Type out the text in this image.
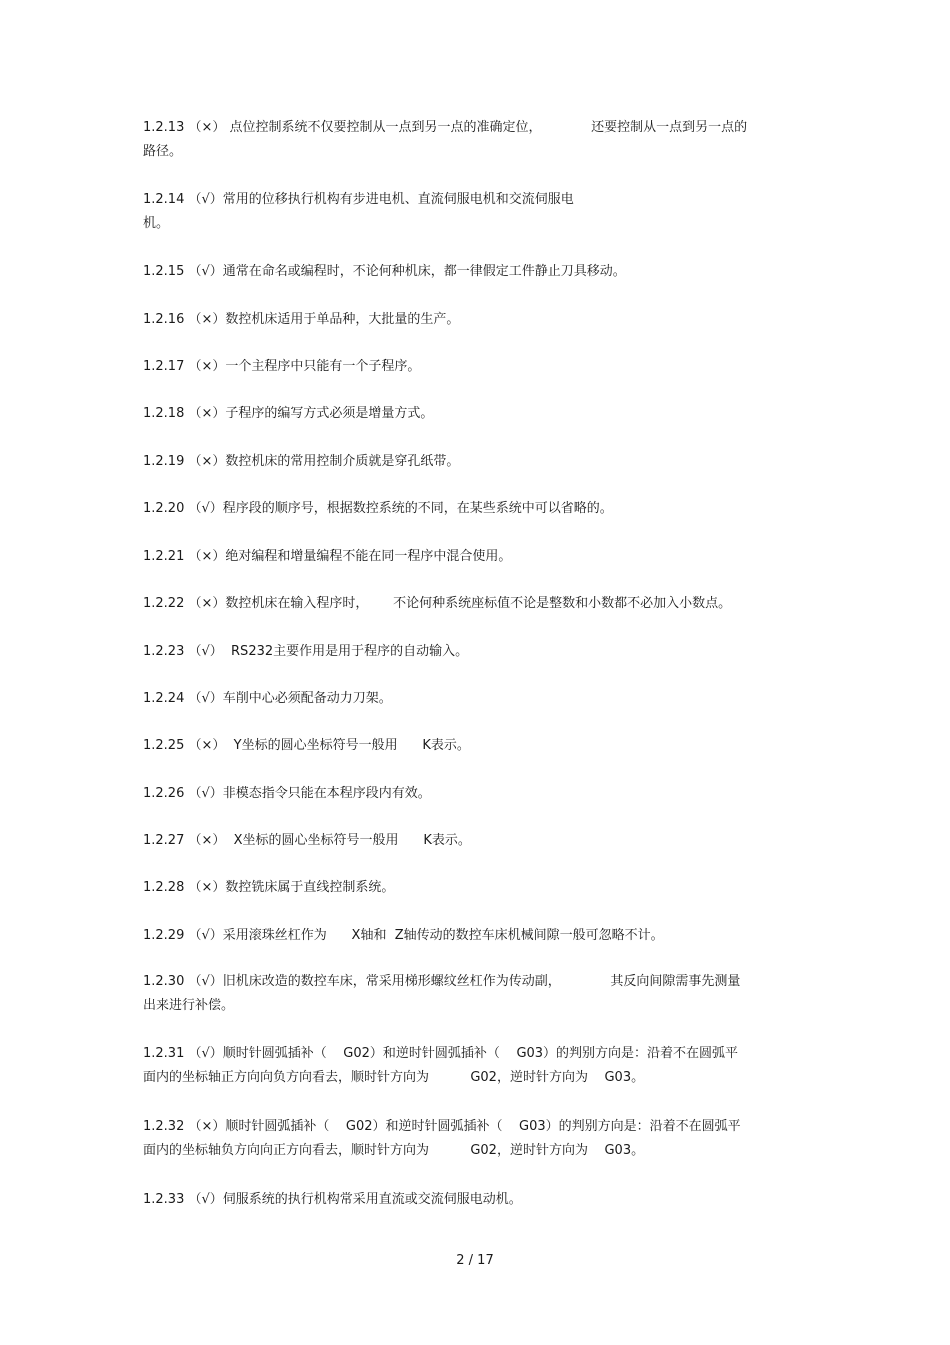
1.2.13 （×） 点位控制系统不仅要控制从一点到另一点的准确定位，            还要控制从一点到另一点的
路径。
1.2.14 （√）常用的位移执行机构有步进电机、直流伺服电机和交流伺服电
机。
1.2.15 （√）通常在命名或编程时，不论何种机床，都一律假定工件静止刀具移动。
1.2.16 （×）数控机床适用于单品种，大批量的生产。
1.2.17 （×）一个主程序中只能有一个子程序。
1.2.18 （×）子程序的编写方式必须是增量方式。
1.2.19 （×）数控机床的常用控制介质就是穿孔纸带。
1.2.20 （√）程序段的顺序号，根据数控系统的不同，在某些系统中可以省略的。
1.2.21 （×）绝对编程和增量编程不能在同一程序中混合使用。
1.2.22 （×）数控机床在输入程序时，      不论何种系统座标值不论是整数和小数都不必加入小数点。
1.2.23 （√）  RS232主要作用是用于程序的自动输入。
1.2.24 （√）车削中心必须配备动力刀架。
1.2.25 （×）  Y坐标的圆心坐标符号一般用      K表示。
1.2.26 （√）非模态指令只能在本程序段内有效。
1.2.27 （×）  X坐标的圆心坐标符号一般用      K表示。
1.2.28 （×）数控铣床属于直线控制系统。
1.2.29 （√）采用滚珠丝杠作为      X轴和  Z轴传动的数控车床机械间隙一般可忽略不计。
1.2.30 （√）旧机床改造的数控车床，常采用梯形螺纹丝杠作为传动副，            其反向间隙需事先测量
出来进行补偿。
1.2.31 （√）顺时针圆弧插补（    G02）和逆时针圆弧插补（    G03）的判别方向是：沿着不在圆弧平
面内的坐标轴正方向向负方向看去，顺时针方向为          G02，逆时针方向为    G03。
1.2.32 （×）顺时针圆弧插补（    G02）和逆时针圆弧插补（    G03）的判别方向是：沿着不在圆弧平
面内的坐标轴负方向向正方向看去，顺时针方向为          G02，逆时针方向为    G03。
1.2.33 （√）伺服系统的执行机构常采用直流或交流伺服电动机。
2 / 17
